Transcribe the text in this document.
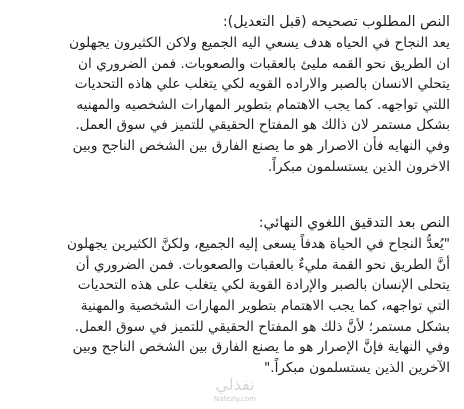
النص المطلوب تصحيحه (قبل التعديل):

يعد النجاح في الحياه هدف يسعي اليه الجميع ولاكن الكثيرون يجهلون

ان الطريق نحو القمه مليئ بالعقبات والصعوبات. فمن الضروري ان

يتحلي الانسان بالصبر والاراده القويه لكي يتغلب علي هاذه التحديات

اللتي تواجهه. كما يجب الاهتمام بتطوير المهارات الشخصيه والمهنيه

بشكل مستمر لان ذالك هو المفتاح الحقيقي للتميز في سوق العمل.

وفي النهايه فأن الاصرار هو ما يصنع الفارق بين الشخص الناجح وبين

الاخرون الذين يستسلمون مبكراً.

النص بعد التدقيق اللغوي النهائي:

"يُعدُّ النجاح في الحياة هدفاً يسعى إليه الجميع، ولكنَّ الكثيرين يجهلون

أنَّ الطريق نحو القمة مليءٌ بالعقبات والصعوبات. فمن الضروري أن

يتحلى الإنسان بالصبر والإرادة القوية لكي يتغلب على هذه التحديات

التي تواجهه، كما يجب الاهتمام بتطوير المهارات الشخصية والمهنية

بشكل مستمر؛ لأنَّ ذلك هو المفتاح الحقيقي للتميز في سوق العمل.

وفي النهاية فإنَّ الإصرار هو ما يصنع الفارق بين الشخص الناجح وبين

الآخرين الذين يستسلمون مبكراً."

نفذلي
Nafezly.com
